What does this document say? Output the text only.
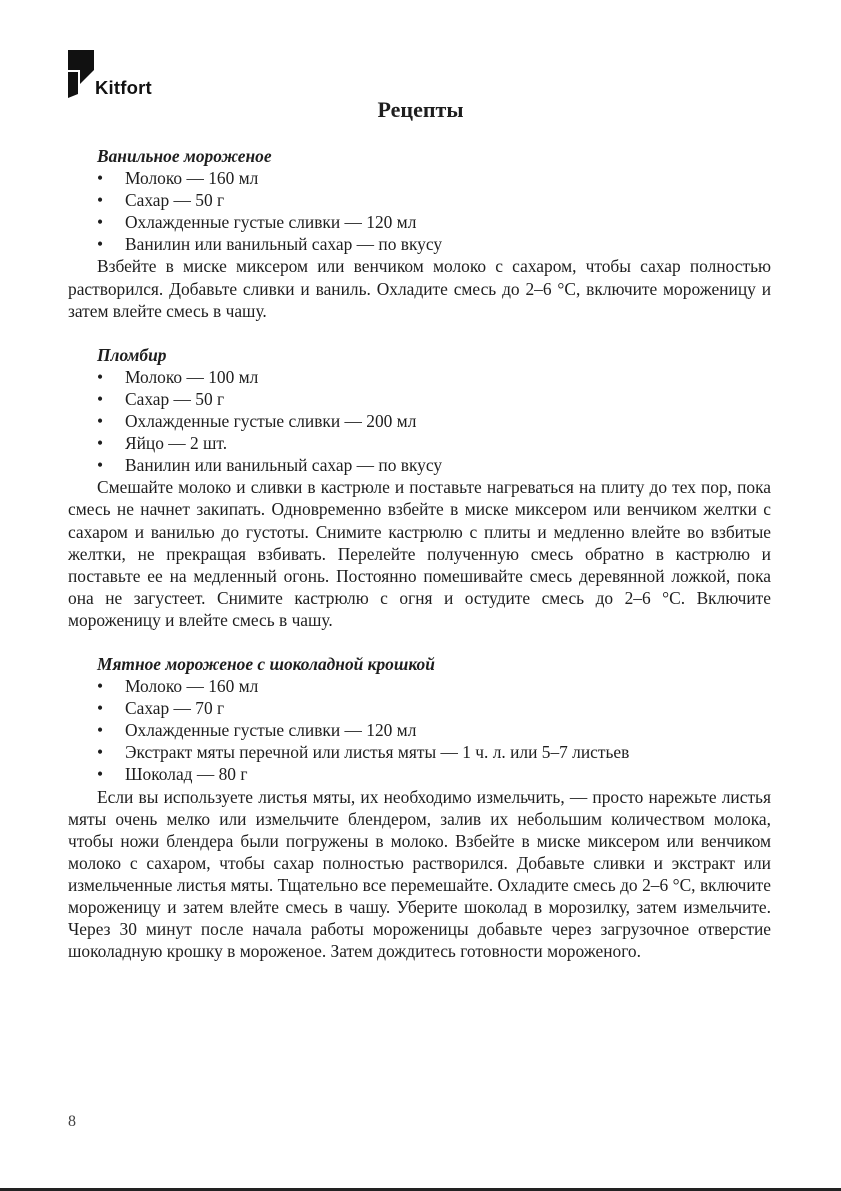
Kitfort
Рецепты
Ванильное мороженое
• Молоко — 160 мл
• Сахар — 50 г
• Охлажденные густые сливки — 120 мл
• Ванилин или ванильный сахар — по вкусу

Взбейте в миске миксером или венчиком молоко с сахаром, чтобы сахар полностью растворился. Добавьте сливки и ваниль. Охладите смесь до 2–6 °С, включите мороженицу и затем влейте смесь в чашу.

Пломбир
• Молоко — 100 мл
• Сахар — 50 г
• Охлажденные густые сливки — 200 мл
• Яйцо — 2 шт.
• Ванилин или ванильный сахар — по вкусу

Смешайте молоко и сливки в кастрюле и поставьте нагреваться на плиту до тех пор, пока смесь не начнет закипать. Одновременно взбейте в миске миксером или венчиком желтки с сахаром и ванилью до густоты. Снимите кастрюлю с плиты и медленно влейте во взбитые желтки, не прекращая взбивать. Перелейте полученную смесь обратно в кастрюлю и поставьте ее на медленный огонь. Постоянно помешивайте смесь деревянной ложкой, пока она не загустеет. Снимите кастрюлю с огня и остудите смесь до 2–6 °С. Включите мороженицу и влейте смесь в чашу.

Мятное мороженое с шоколадной крошкой
• Молоко — 160 мл
• Сахар — 70 г
• Охлажденные густые сливки — 120 мл
• Экстракт мяты перечной или листья мяты — 1 ч. л. или 5–7 листьев
• Шоколад — 80 г

Если вы используете листья мяты, их необходимо измельчить, — просто нарежьте листья мяты очень мелко или измельчите блендером, залив их небольшим количеством молока, чтобы ножи блендера были погружены в молоко. Взбейте в миске миксером или венчиком молоко с сахаром, чтобы сахар полностью растворился. Добавьте сливки и экстракт или измельченные листья мяты. Тщательно все перемешайте. Охладите смесь до 2–6 °С, включите мороженицу и затем влейте смесь в чашу. Уберите шоколад в морозилку, затем измельчите. Через 30 минут после начала работы мороженицы добавьте через загрузочное отверстие шоколадную крошку в мороженое. Затем дождитесь готовности мороженого.

8
